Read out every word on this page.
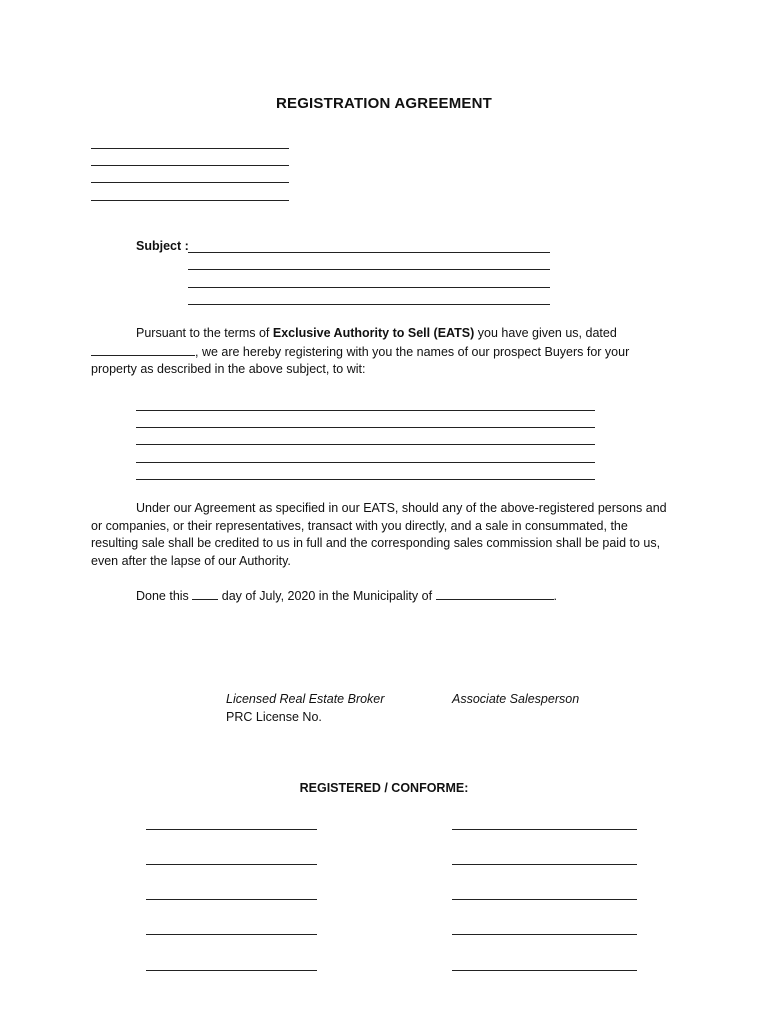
REGISTRATION AGREEMENT
Subject :
Pursuant to the terms of Exclusive Authority to Sell (EATS) you have given us, dated
, we are hereby registering with you the names of our prospect Buyers for your
property as described in the above subject, to wit:
Under our Agreement as specified in our EATS, should any of the above-registered persons and or companies, or their representatives, transact with you directly, and a sale in consummated, the resulting sale shall be credited to us in full and the corresponding sales commission shall be paid to us, even after the lapse of our Authority.
Done this  day of July, 2020 in the Municipality of	.
Licensed Real Estate Broker	Associate Salesperson
PRC License No.
REGISTERED / CONFORME:
